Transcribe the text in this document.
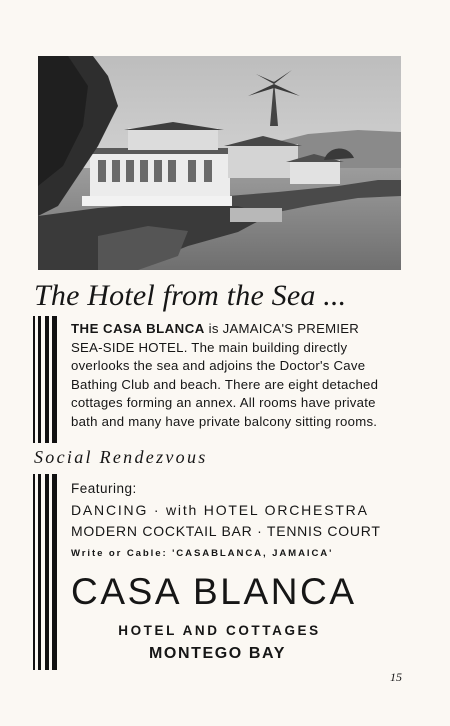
The Hotel from the Sea ...
THE CASA BLANCA is JAMAICA'S PREMIER
SEA-SIDE HOTEL. The main building directly
overlooks the sea and adjoins the Doctor's Cave
Bathing Club and beach. There are eight detached
cottages forming an annex. All rooms have private
bath and many have private balcony sitting rooms.
Social Rendezvous
Featuring:
DANCING · with HOTEL ORCHESTRA
MODERN COCKTAIL BAR · TENNIS COURT
Write or Cable: 'CASABLANCA, JAMAICA'
CASA BLANCA
HOTEL AND COTTAGES
MONTEGO BAY
15
